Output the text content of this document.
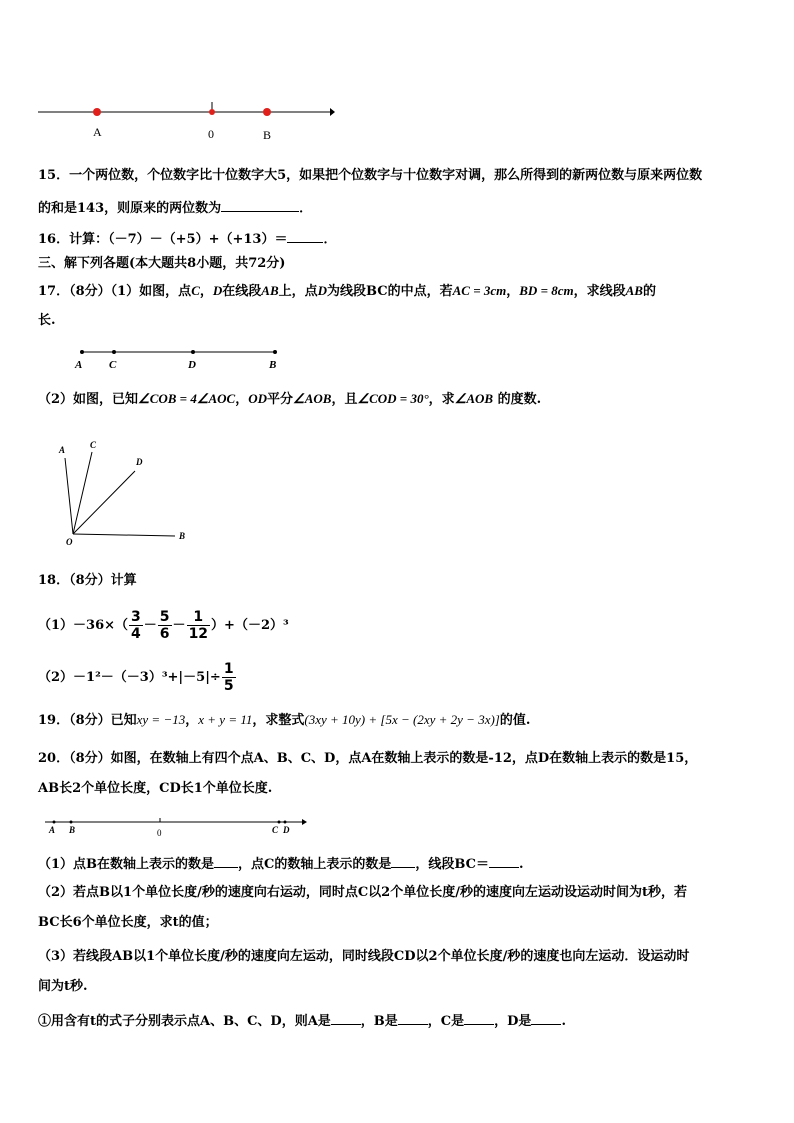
A	0	B
15．一个两位数，个位数字比十位数字大5，如果把个位数字与十位数字对调，那么所得到的新两位数与原来两位数
的和是143，则原来的两位数为	．
16．计算：（－7）－（+5）+（+13）＝	．
三、解下列各题(本大题共8小题，共72分)
17．（8分）（1）如图，点C，D在线段AB上，点D为线段BC的中点，若AC = 3cm，BD = 8cm，求线段AB的
长.
A C	D	B
（2）如图，已知∠COB = 4∠AOC，OD平分∠AOB，且∠COD = 30°，求∠AOB 的度数.
A	C
D
O
B
18．（8分）计算
$(1)-36\times( \frac{3}{4} - \frac{5}{6} - \frac{1}{12} )+(-2)^3$
$(2)-1^2-(-3)^3+|-5|\div \frac{1}{5}$
19．（8分）已知xy = −13，x + y = 11，求整式(3xy + 10y) + [5x − (2xy + 2y − 3x)]的值.
20．（8分）如图，在数轴上有四个点A、B、C、D，点A在数轴上表示的数是-12，点D在数轴上表示的数是15，
AB长2个单位长度，CD长1个单位长度.
A B	0	C D
（1）点B在数轴上表示的数是 ，点C的数轴上表示的数是 ，线段BC＝ .
（2）若点B以1个单位长度/秒的速度向右运动，同时点C以2个单位长度/秒的速度向左运动设运动时间为t秒，若
BC长6个单位长度，求t的值；
（3）若线段AB以1个单位长度/秒的速度向左运动，同时线段CD以2个单位长度/秒的速度也向左运动．设运动时
间为t秒.
①用含有t的式子分别表示点A、B、C、D，则A是 ，B是 ，C是 ，D是 .
